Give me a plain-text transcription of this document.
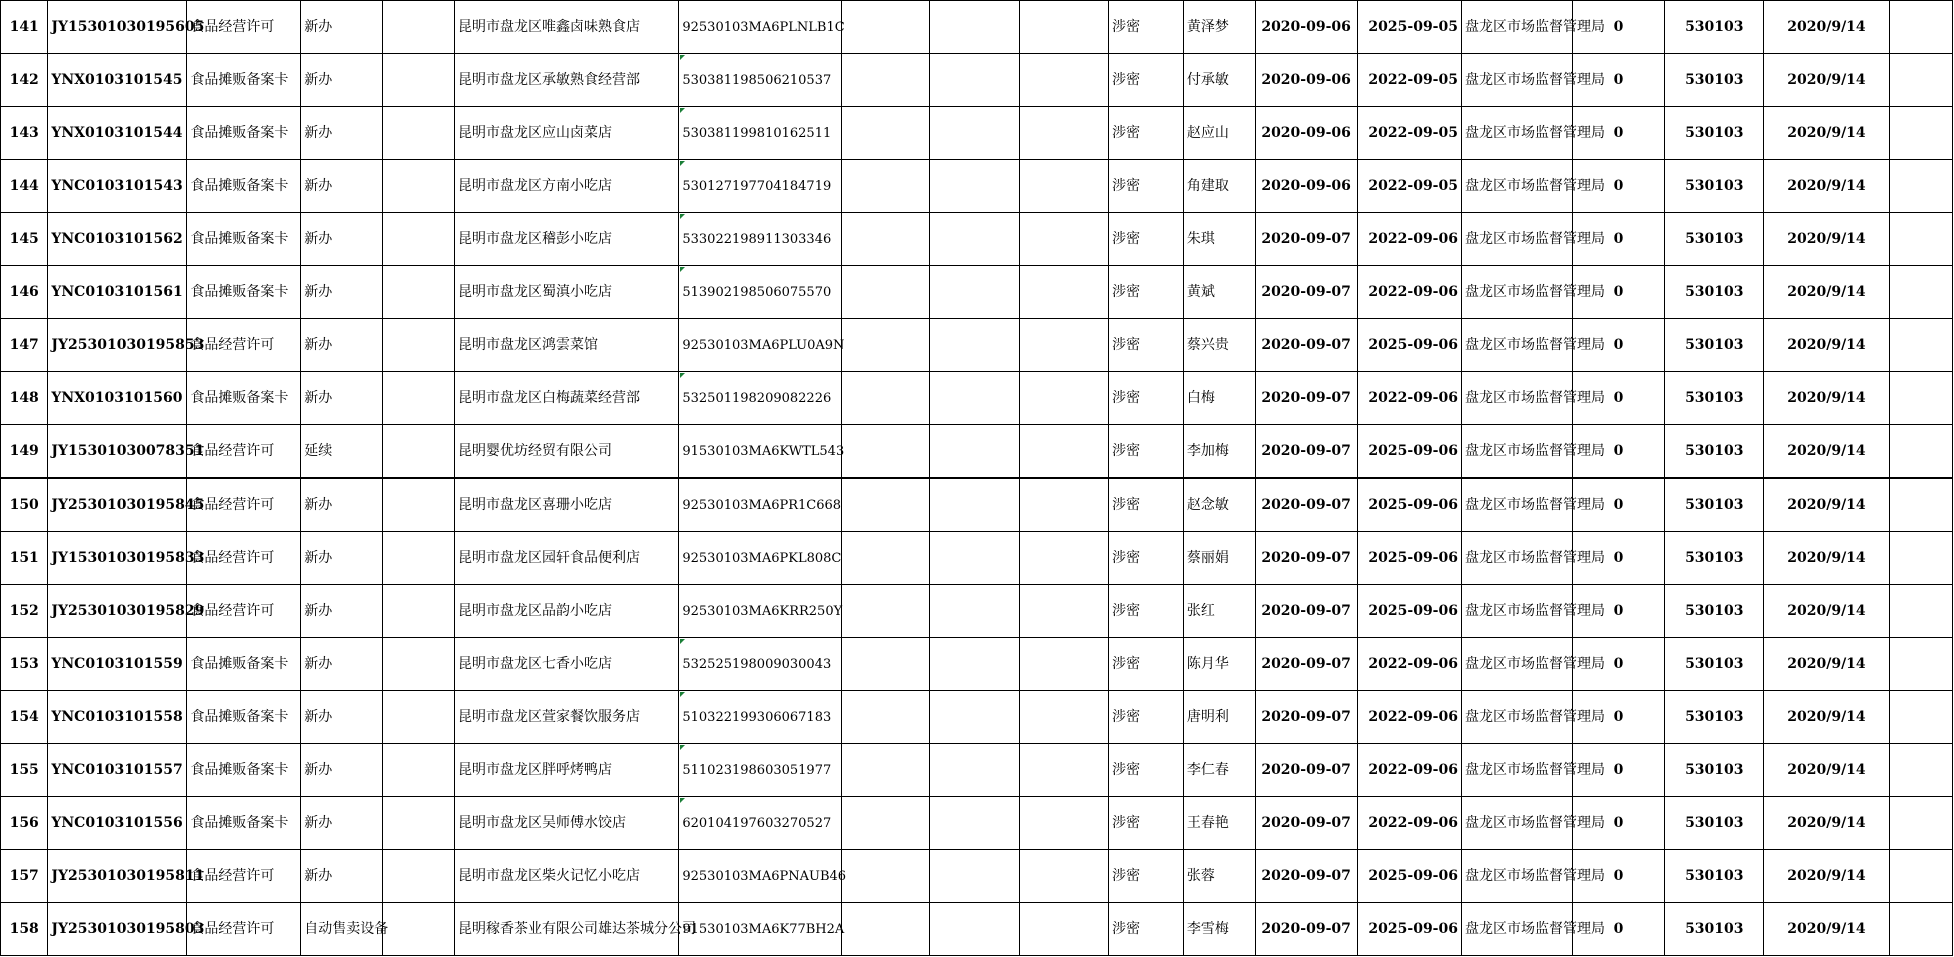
141	JY15301030195605	食品经营许可	新办		昆明市盘龙区唯鑫卤味熟食店	92530103MA6PLNLB1C				涉密	黄泽梦	2020-09-06	2025-09-05	盘龙区市场监督管理局	0	530103	2020/9/14	
142	YNX0103101545	食品摊贩备案卡	新办		昆明市盘龙区承敏熟食经营部	530381198506210537				涉密	付承敏	2020-09-06	2022-09-05	盘龙区市场监督管理局	0	530103	2020/9/14	
143	YNX0103101544	食品摊贩备案卡	新办		昆明市盘龙区应山卤菜店	530381199810162511				涉密	赵应山	2020-09-06	2022-09-05	盘龙区市场监督管理局	0	530103	2020/9/14	
144	YNC0103101543	食品摊贩备案卡	新办		昆明市盘龙区方南小吃店	530127197704184719				涉密	角建取	2020-09-06	2022-09-05	盘龙区市场监督管理局	0	530103	2020/9/14	
145	YNC0103101562	食品摊贩备案卡	新办		昆明市盘龙区稽彭小吃店	533022198911303346				涉密	朱琪	2020-09-07	2022-09-06	盘龙区市场监督管理局	0	530103	2020/9/14	
146	YNC0103101561	食品摊贩备案卡	新办		昆明市盘龙区蜀滇小吃店	513902198506075570				涉密	黄斌	2020-09-07	2022-09-06	盘龙区市场监督管理局	0	530103	2020/9/14	
147	JY25301030195853	食品经营许可	新办		昆明市盘龙区鸿雲菜馆	92530103MA6PLU0A9N				涉密	蔡兴贵	2020-09-07	2025-09-06	盘龙区市场监督管理局	0	530103	2020/9/14	
148	YNX0103101560	食品摊贩备案卡	新办		昆明市盘龙区白梅蔬菜经营部	532501198209082226				涉密	白梅	2020-09-07	2022-09-06	盘龙区市场监督管理局	0	530103	2020/9/14	
149	JY15301030078351	食品经营许可	延续		昆明婴优坊经贸有限公司	91530103MA6KWTL543				涉密	李加梅	2020-09-07	2025-09-06	盘龙区市场监督管理局	0	530103	2020/9/14	
150	JY25301030195845	食品经营许可	新办		昆明市盘龙区喜珊小吃店	92530103MA6PR1C668				涉密	赵念敏	2020-09-07	2025-09-06	盘龙区市场监督管理局	0	530103	2020/9/14	
151	JY15301030195833	食品经营许可	新办		昆明市盘龙区园轩食品便利店	92530103MA6PKL808C				涉密	蔡丽娟	2020-09-07	2025-09-06	盘龙区市场监督管理局	0	530103	2020/9/14	
152	JY25301030195829	食品经营许可	新办		昆明市盘龙区品韵小吃店	92530103MA6KRR250Y				涉密	张红	2020-09-07	2025-09-06	盘龙区市场监督管理局	0	530103	2020/9/14	
153	YNC0103101559	食品摊贩备案卡	新办		昆明市盘龙区七香小吃店	532525198009030043				涉密	陈月华	2020-09-07	2022-09-06	盘龙区市场监督管理局	0	530103	2020/9/14	
154	YNC0103101558	食品摊贩备案卡	新办		昆明市盘龙区萱家餐饮服务店	510322199306067183				涉密	唐明利	2020-09-07	2022-09-06	盘龙区市场监督管理局	0	530103	2020/9/14	
155	YNC0103101557	食品摊贩备案卡	新办		昆明市盘龙区胖呼烤鸭店	511023198603051977				涉密	李仁春	2020-09-07	2022-09-06	盘龙区市场监督管理局	0	530103	2020/9/14	
156	YNC0103101556	食品摊贩备案卡	新办		昆明市盘龙区吴师傅水饺店	620104197603270527				涉密	王春艳	2020-09-07	2022-09-06	盘龙区市场监督管理局	0	530103	2020/9/14	
157	JY25301030195811	食品经营许可	新办		昆明市盘龙区柴火记忆小吃店	92530103MA6PNAUB46				涉密	张蓉	2020-09-07	2025-09-06	盘龙区市场监督管理局	0	530103	2020/9/14	
158	JY25301030195803	食品经营许可	自动售卖设备		昆明稼香茶业有限公司雄达茶城分公司	91530103MA6K77BH2A				涉密	李雪梅	2020-09-07	2025-09-06	盘龙区市场监督管理局	0	530103	2020/9/14	
